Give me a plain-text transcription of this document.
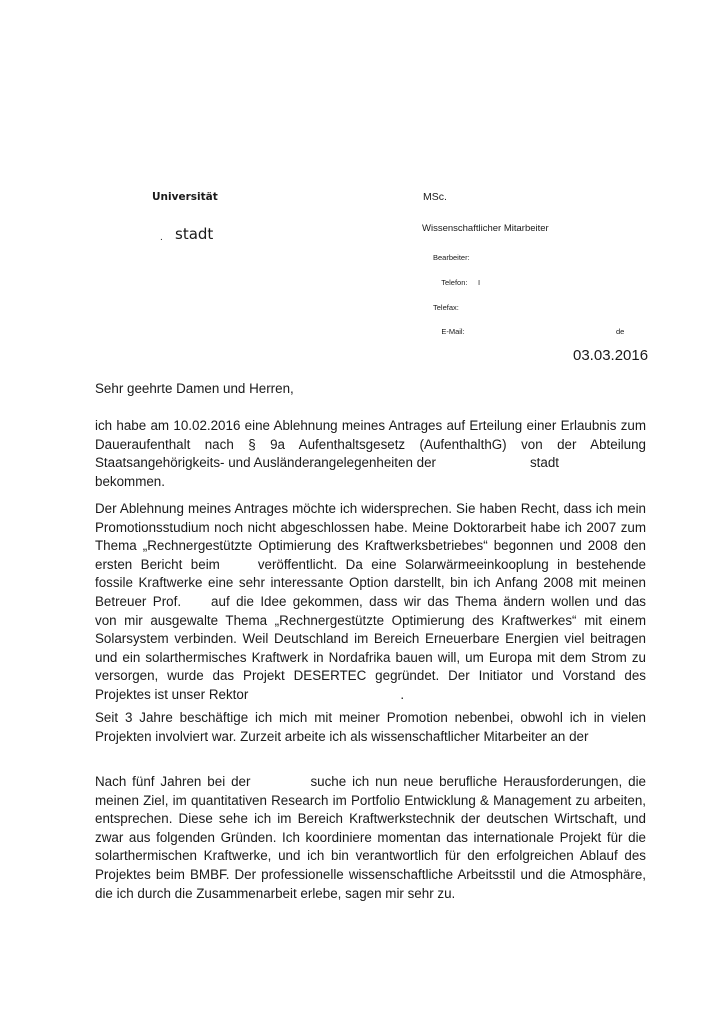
Universität
. stadt
MSc.
Wissenschaftlicher Mitarbeiter
Bearbeiter:

Telefon: I

Telefax:

E-Mail:	de

03.03.2016
Sehr geehrte Damen und Herren,

ich habe am 10.02.2016 eine Ablehnung meines Antrages auf Erteilung einer Erlaubnis zum

Daueraufenthalt nach § 9a Aufenthaltsgesetz (AufenthalthG) von der Abteilung

Staatsangehörigkeits- und Ausländerangelegenheiten der	stadt

bekommen.

Der Ablehnung meines Antrages möchte ich widersprechen. Sie haben Recht, dass ich mein

Promotionsstudium noch nicht abgeschlossen habe. Meine Doktorarbeit habe ich 2007 zum

Thema „Rechnergestützte Optimierung des Kraftwerksbetriebes“ begonnen und 2008 den

ersten Bericht beim	veröffentlicht. Da eine Solarwärmeeinkooplung in bestehende

fossile Kraftwerke eine sehr interessante Option darstellt, bin ich Anfang 2008 mit meinen

Betreuer Prof. auf die Idee gekommen, dass wir das Thema ändern wollen und das

von mir ausgewalte Thema „Rechnergestützte Optimierung des Kraftwerkes“ mit einem

Solarsystem verbinden. Weil Deutschland im Bereich Erneuerbare Energien viel beitragen

und ein solarthermisches Kraftwerk in Nordafrika bauen will, um Europa mit dem Strom zu

versorgen, wurde das Projekt DESERTEC gegründet. Der Initiator und Vorstand des

Projektes ist unser Rektor	.

Seit 3 Jahre beschäftige ich mich mit meiner Promotion nebenbei, obwohl ich in vielen

Projekten involviert war. Zurzeit arbeite ich als wissenschaftlicher Mitarbeiter an der

Nach fünf Jahren bei der	suche ich nun neue berufliche Herausforderungen, die

meinen Ziel, im quantitativen Research im Portfolio Entwicklung & Management zu arbeiten,

entsprechen. Diese sehe ich im Bereich Kraftwerkstechnik der deutschen Wirtschaft, und

zwar aus folgenden Gründen. Ich koordiniere momentan das internationale Projekt für die

solarthermischen Kraftwerke, und ich bin verantwortlich für den erfolgreichen Ablauf des

Projektes beim BMBF. Der professionelle wissenschaftliche Arbeitsstil und die Atmosphäre,

die ich durch die Zusammenarbeit erlebe, sagen mir sehr zu.
